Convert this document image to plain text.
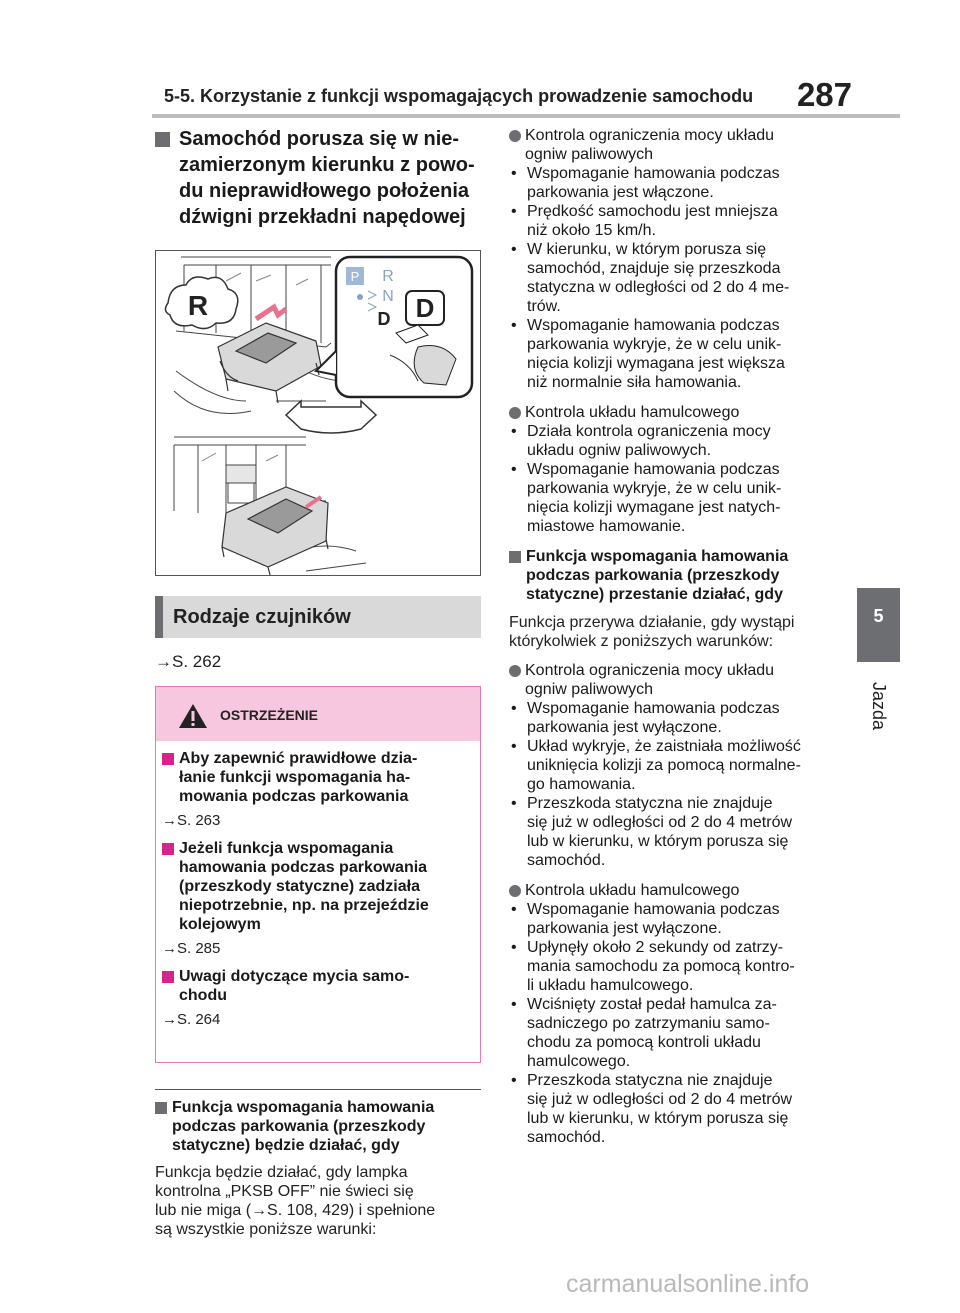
5-5. Korzystanie z funkcji wspomagających prowadzenie samochodu 287
5
Jazda
Samochód porusza się w nie-
zamierzonym kierunku z powo-
du nieprawidłowego położenia
dźwigni przekładni napędowej
R
P R
N
D D
Rodzaje czujników
→S. 262
OSTRZEŻENIE
Aby zapewnić prawidłowe dzia-
łanie funkcji wspomagania ha-
mowania podczas parkowania
→S. 263
Jeżeli funkcja wspomagania
hamowania podczas parkowania
(przeszkody statyczne) zadziała
niepotrzebnie, np. na przejeździe
kolejowym
→S. 285
Uwagi dotyczące mycia samo-
chodu
→S. 264
Funkcja wspomagania hamowania
podczas parkowania (przeszkody
statyczne) będzie działać, gdy
Funkcja będzie działać, gdy lampka
kontrolna „PKSB OFF” nie świeci się
lub nie miga (→S. 108, 429) i spełnione
są wszystkie poniższe warunki:
Kontrola ograniczenia mocy układu
ogniw paliwowych
• Wspomaganie hamowania podczas
parkowania jest włączone.
• Prędkość samochodu jest mniejsza
niż około 15 km/h.
• W kierunku, w którym porusza się
samochód, znajduje się przeszkoda
statyczna w odległości od 2 do 4 me-
trów.
• Wspomaganie hamowania podczas
parkowania wykryje, że w celu unik-
nięcia kolizji wymagana jest większa
niż normalnie siła hamowania.
Kontrola układu hamulcowego
• Działa kontrola ograniczenia mocy
układu ogniw paliwowych.
• Wspomaganie hamowania podczas
parkowania wykryje, że w celu unik-
nięcia kolizji wymagane jest natych-
miastowe hamowanie.
Funkcja wspomagania hamowania
podczas parkowania (przeszkody
statyczne) przestanie działać, gdy
Funkcja przerywa działanie, gdy wystąpi
którykolwiek z poniższych warunków:
Kontrola ograniczenia mocy układu
ogniw paliwowych
• Wspomaganie hamowania podczas
parkowania jest wyłączone.
• Układ wykryje, że zaistniała możliwość
uniknięcia kolizji za pomocą normalne-
go hamowania.
• Przeszkoda statyczna nie znajduje
się już w odległości od 2 do 4 metrów
lub w kierunku, w którym porusza się
samochód.
Kontrola układu hamulcowego
• Wspomaganie hamowania podczas
parkowania jest wyłączone.
• Upłynęły około 2 sekundy od zatrzy-
mania samochodu za pomocą kontro-
li układu hamulcowego.
• Wciśnięty został pedał hamulca za-
sadniczego po zatrzymaniu samo-
chodu za pomocą kontroli układu
hamulcowego.
• Przeszkoda statyczna nie znajduje
się już w odległości od 2 do 4 metrów
lub w kierunku, w którym porusza się
samochód.
carmanualsonline.info
